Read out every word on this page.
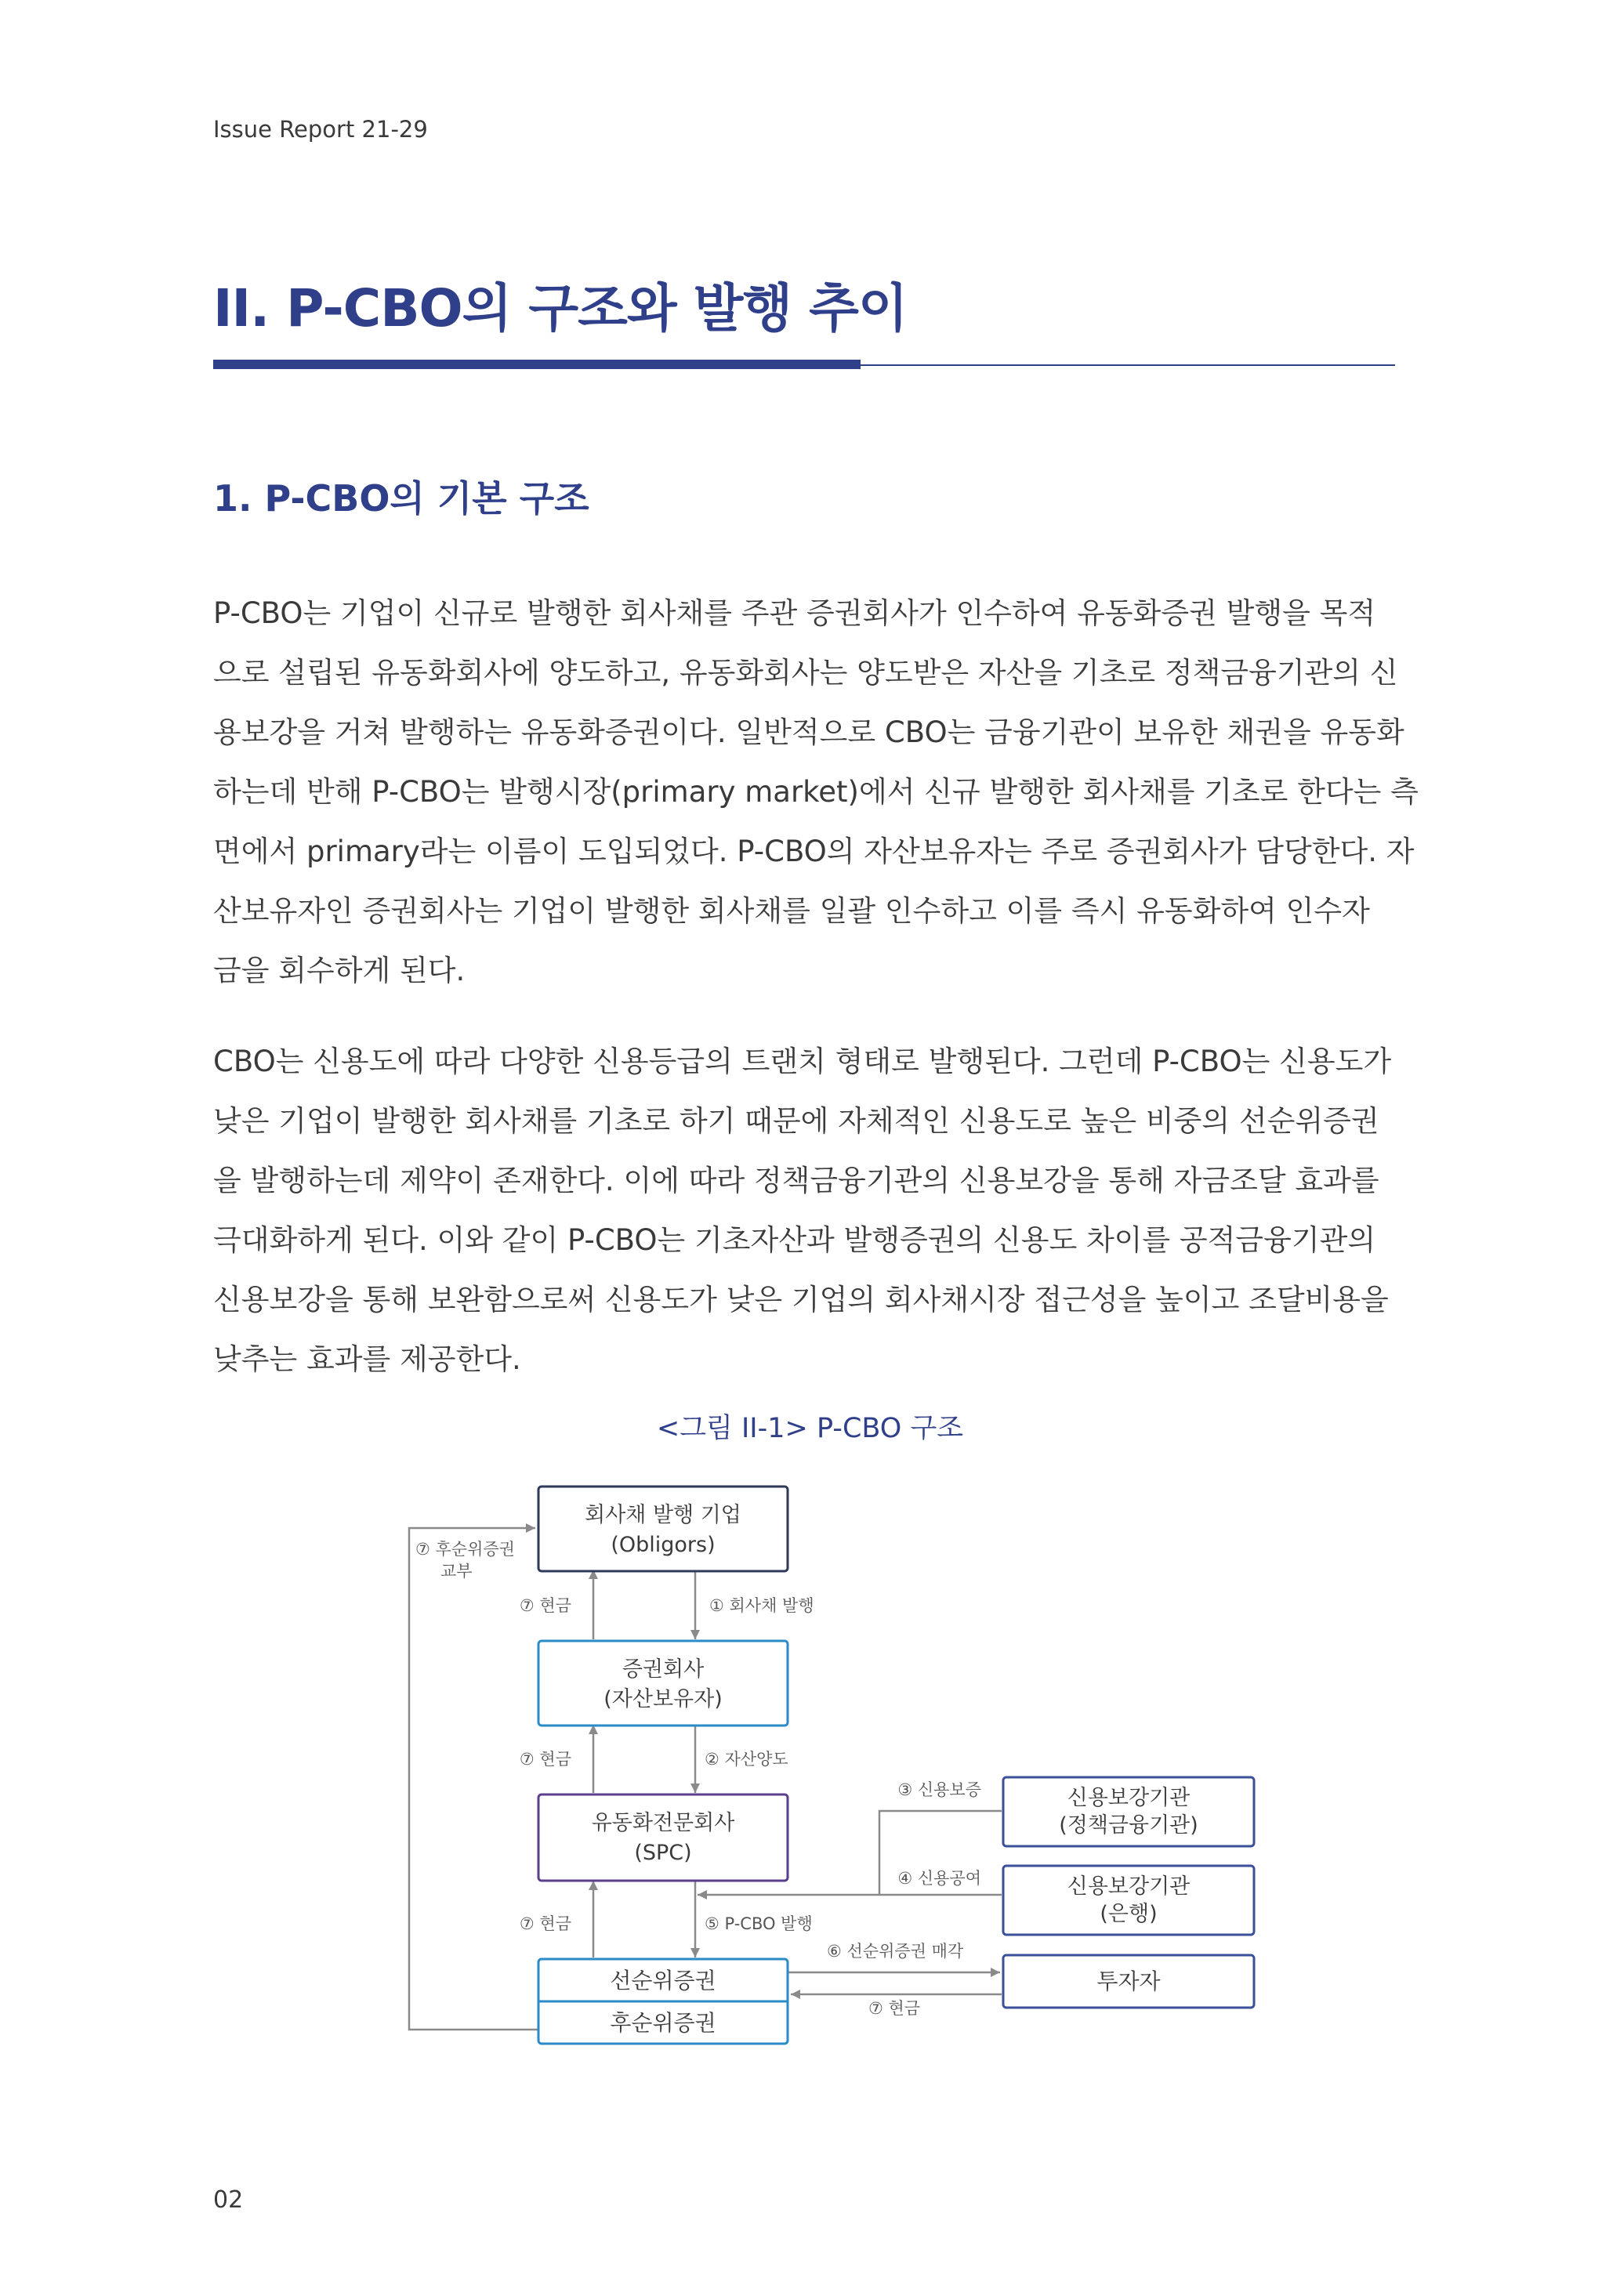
Issue Report 21-29
II. P-CBO의 구조와 발행 추이
1. P-CBO의 기본 구조
P-CBO는 기업이 신규로 발행한 회사채를 주관 증권회사가 인수하여 유동화증권 발행을 목적
으로 설립된 유동화회사에 양도하고, 유동화회사는 양도받은 자산을 기초로 정책금융기관의 신
용보강을 거쳐 발행하는 유동화증권이다. 일반적으로 CBO는 금융기관이 보유한 채권을 유동화
하는데 반해 P-CBO는 발행시장(primary market)에서 신규 발행한 회사채를 기초로 한다는 측
면에서 primary라는 이름이 도입되었다. P-CBO의 자산보유자는 주로 증권회사가 담당한다. 자
산보유자인 증권회사는 기업이 발행한 회사채를 일괄 인수하고 이를 즉시 유동화하여 인수자
금을 회수하게 된다.
CBO는 신용도에 따라 다양한 신용등급의 트랜치 형태로 발행된다. 그런데 P-CBO는 신용도가
낮은 기업이 발행한 회사채를 기초로 하기 때문에 자체적인 신용도로 높은 비중의 선순위증권
을 발행하는데 제약이 존재한다. 이에 따라 정책금융기관의 신용보강을 통해 자금조달 효과를
극대화하게 된다. 이와 같이 P-CBO는 기초자산과 발행증권의 신용도 차이를 공적금융기관의
신용보강을 통해 보완함으로써 신용도가 낮은 기업의 회사채시장 접근성을 높이고 조달비용을
낮추는 효과를 제공한다.
<그림 II-1> P-CBO 구조
회사채 발행 기업
(Obligors)
증권회사
(자산보유자)
유동화전문회사
(SPC)
선순위증권
후순위증권
신용보강기관
(정책금융기관)
신용보강기관
(은행)
투자자
⑦ 후순위증권
교부
⑦ 현금	① 회사채 발행
⑦ 현금	② 자산양도
③ 신용보증
④ 신용공여
⑦ 현금	⑤ P-CBO 발행
⑥ 선순위증권 매각
⑦ 현금
02
